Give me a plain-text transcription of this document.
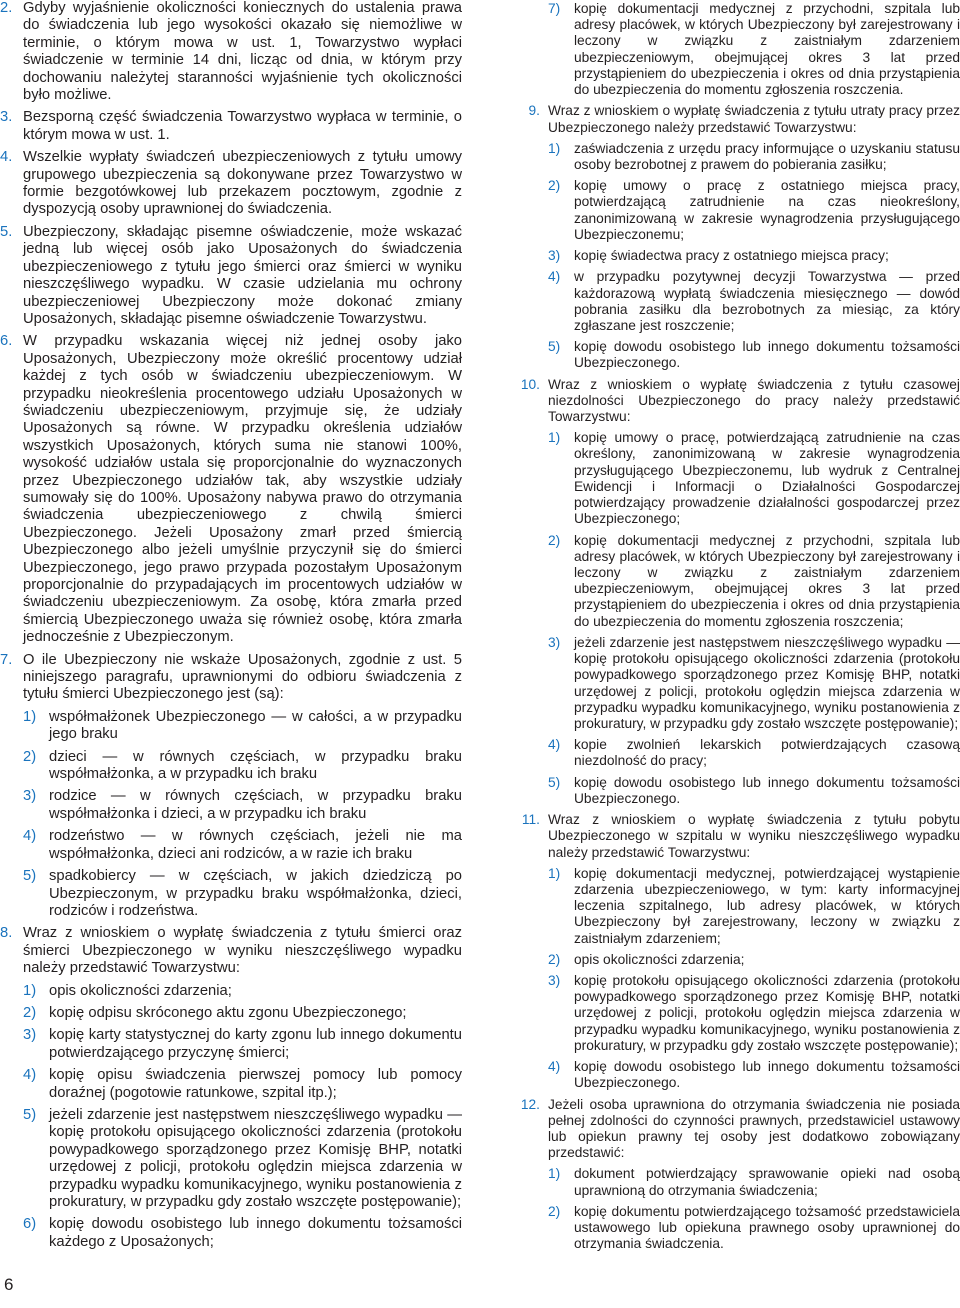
2. Gdyby wyjaśnienie okoliczności koniecznych do ustalenia prawa do świadczenia lub jego wysokości okazało się niemożliwe w terminie, o którym mowa w ust. 1, Towarzystwo wypłaci świadczenie w terminie 14 dni, licząc od dnia, w którym przy dochowaniu należytej staranności wyjaśnienie tych okoliczności było możliwe.
3. Bezsporną część świadczenia Towarzystwo wypłaca w terminie, o którym mowa w ust. 1.
4. Wszelkie wypłaty świadczeń ubezpieczeniowych z tytułu umowy grupowego ubezpieczenia są dokonywane przez Towarzystwo w formie bezgotówkowej lub przekazem pocztowym, zgodnie z dyspozycją osoby uprawnionej do świadczenia.
5. Ubezpieczony, składając pisemne oświadczenie, może wskazać jedną lub więcej osób jako Uposażonych do świadczenia ubezpieczeniowego z tytułu jego śmierci oraz śmierci w wyniku nieszczęśliwego wypadku. W czasie udzielania mu ochrony ubezpieczeniowej Ubezpieczony może dokonać zmiany Uposażonych, składając pisemne oświadczenie Towarzystwu.
6. W przypadku wskazania więcej niż jednej osoby jako Uposażonych, Ubezpieczony może określić procentowy udział każdej z tych osób w świadczeniu ubezpieczeniowym. W przypadku nieokreślenia procentowego udziału Uposażonych w świadczeniu ubezpieczeniowym, przyjmuje się, że udziały Uposażonych są równe. W przypadku określenia udziałów wszystkich Uposażonych, których suma nie stanowi 100%, wysokość udziałów ustala się proporcjonalnie do wyznaczonych przez Ubezpieczonego udziałów tak, aby wszystkie udziały sumowały się do 100%. Uposażony nabywa prawo do otrzymania świadczenia ubezpieczeniowego z chwilą śmierci Ubezpieczonego. Jeżeli Uposażony zmarł przed śmiercią Ubezpieczonego albo jeżeli umyślnie przyczynił się do śmierci Ubezpieczonego, jego prawo przypada pozostałym Uposażonym proporcjonalnie do przypadających im procentowych udziałów w świadczeniu ubezpieczeniowym. Za osobę, która zmarła przed śmiercią Ubezpieczonego uważa się również osobę, która zmarła jednocześnie z Ubezpieczonym.
7. O ile Ubezpieczony nie wskaże Uposażonych, zgodnie z ust. 5 niniejszego paragrafu, uprawnionymi do odbioru świadczenia z tytułu śmierci Ubezpieczonego jest (są):
1) współmałżonek Ubezpieczonego — w całości, a w przypadku jego braku
2) dzieci — w równych częściach, w przypadku braku współmałżonka, a w przypadku ich braku
3) rodzice — w równych częściach, w przypadku braku współmałżonka i dzieci, a w przypadku ich braku
4) rodzeństwo — w równych częściach, jeżeli nie ma współmałżonka, dzieci ani rodziców, a w razie ich braku
5) spadkobiercy — w częściach, w jakich dziedziczą po Ubezpieczonym, w przypadku braku współmałżonka, dzieci, rodziców i rodzeństwa.
8. Wraz z wnioskiem o wypłatę świadczenia z tytułu śmierci oraz śmierci Ubezpieczonego w wyniku nieszczęśliwego wypadku należy przedstawić Towarzystwu:
1) opis okoliczności zdarzenia;
2) kopię odpisu skróconego aktu zgonu Ubezpieczonego;
3) kopię karty statystycznej do karty zgonu lub innego dokumentu potwierdzającego przyczynę śmierci;
4) kopię opisu świadczenia pierwszej pomocy lub pomocy doraźnej (pogotowie ratunkowe, szpital itp.);
5) jeżeli zdarzenie jest następstwem nieszczęśliwego wypadku — kopię protokołu opisującego okoliczności zdarzenia (protokołu powypadkowego sporządzonego przez Komisję BHP, notatki urzędowej z policji, protokołu oględzin miejsca zdarzenia w przypadku wypadku komunikacyjnego, wyniku postanowienia z prokuratury, w przypadku gdy zostało wszczęte postępowanie);
6) kopię dowodu osobistego lub innego dokumentu tożsamości każdego z Uposażonych;
7)	kopię dokumentacji medycznej z przychodni, szpitala lub adresy placówek, w których Ubezpieczony był zarejestrowany i leczony w związku z zaistniałym zdarzeniem ubezpieczeniowym, obejmującej okres 3 lat przed przystąpieniem do ubezpieczenia i okres od dnia przystąpienia do ubezpieczenia do momentu zgłoszenia roszczenia.
9. Wraz z wnioskiem o wypłatę świadczenia z tytułu utraty pracy przez Ubezpieczonego należy przedstawić Towarzystwu:
1)	zaświadczenia z urzędu pracy informujące o uzyskaniu statusu osoby bezrobotnej z prawem do pobierania zasiłku;
2)	kopię umowy o pracę z ostatniego miejsca pracy, potwierdzającą zatrudnienie na czas nieokreślony, zanonimizowaną w zakresie wynagrodzenia przysługującego Ubezpieczonemu;
3)	kopię świadectwa pracy z ostatniego miejsca pracy;
4)	w przypadku pozytywnej decyzji Towarzystwa — przed każdorazową wypłatą świadczenia miesięcznego — dowód pobrania zasiłku dla bezrobotnych za miesiąc, za który zgłaszane jest roszczenie;
5)	kopię dowodu osobistego lub innego dokumentu tożsamości Ubezpieczonego.
10. Wraz z wnioskiem o wypłatę świadczenia z tytułu czasowej niezdolności Ubezpieczonego do pracy należy przedstawić Towarzystwu:
1)	kopię umowy o pracę, potwierdzającą zatrudnienie na czas określony, zanonimizowaną w zakresie wynagrodzenia przysługującego Ubezpieczonemu, lub wydruk z Centralnej Ewidencji i Informacji o Działalności Gospodarczej potwierdzający prowadzenie działalności gospodarczej przez Ubezpieczonego;
2)	kopię dokumentacji medycznej z przychodni, szpitala lub adresy placówek, w których Ubezpieczony był zarejestrowany i leczony w związku z zaistniałym zdarzeniem ubezpieczeniowym, obejmującej okres 3 lat przed przystąpieniem do ubezpieczenia i okres od dnia przystąpienia do ubezpieczenia do momentu zgłoszenia roszczenia;
3)	jeżeli zdarzenie jest następstwem nieszczęśliwego wypadku — kopię protokołu opisującego okoliczności zdarzenia (protokołu powypadkowego sporządzonego przez Komisję BHP, notatki urzędowej z policji, protokołu oględzin miejsca zdarzenia w przypadku wypadku komunikacyjnego, wyniku postanowienia z prokuratury, w przypadku gdy zostało wszczęte postępowanie);
4)	kopie zwolnień lekarskich potwierdzających czasową niezdolność do pracy;
5)	kopię dowodu osobistego lub innego dokumentu tożsamości Ubezpieczonego.
11. Wraz z wnioskiem o wypłatę świadczenia z tytułu pobytu Ubezpieczonego w szpitalu w wyniku nieszczęśliwego wypadku należy przedstawić Towarzystwu:
1)	kopię dokumentacji medycznej, potwierdzającej wystąpienie zdarzenia ubezpieczeniowego, w tym: karty informacyjnej leczenia szpitalnego, lub adresy placówek, w których Ubezpieczony był zarejestrowany, leczony w związku z zaistniałym zdarzeniem;
2)	opis okoliczności zdarzenia;
3)	kopię protokołu opisującego okoliczności zdarzenia (protokołu powypadkowego sporządzonego przez Komisję BHP, notatki urzędowej z policji, protokołu oględzin miejsca zdarzenia w przypadku wypadku komunikacyjnego, wyniku postanowienia z prokuratury, w przypadku gdy zostało wszczęte postępowanie);
4)	kopię dowodu osobistego lub innego dokumentu tożsamości Ubezpieczonego.
12. Jeżeli osoba uprawniona do otrzymania świadczenia nie posiada pełnej zdolności do czynności prawnych, przedstawiciel ustawowy lub opiekun prawny tej osoby jest dodatkowo zobowiązany przedstawić:
1)	dokument potwierdzający sprawowanie opieki nad osobą uprawnioną do otrzymania świadczenia;
2)	kopię dokumentu potwierdzającego tożsamość przedstawiciela ustawowego lub opiekuna prawnego osoby uprawnionej do otrzymania świadczenia.
6
